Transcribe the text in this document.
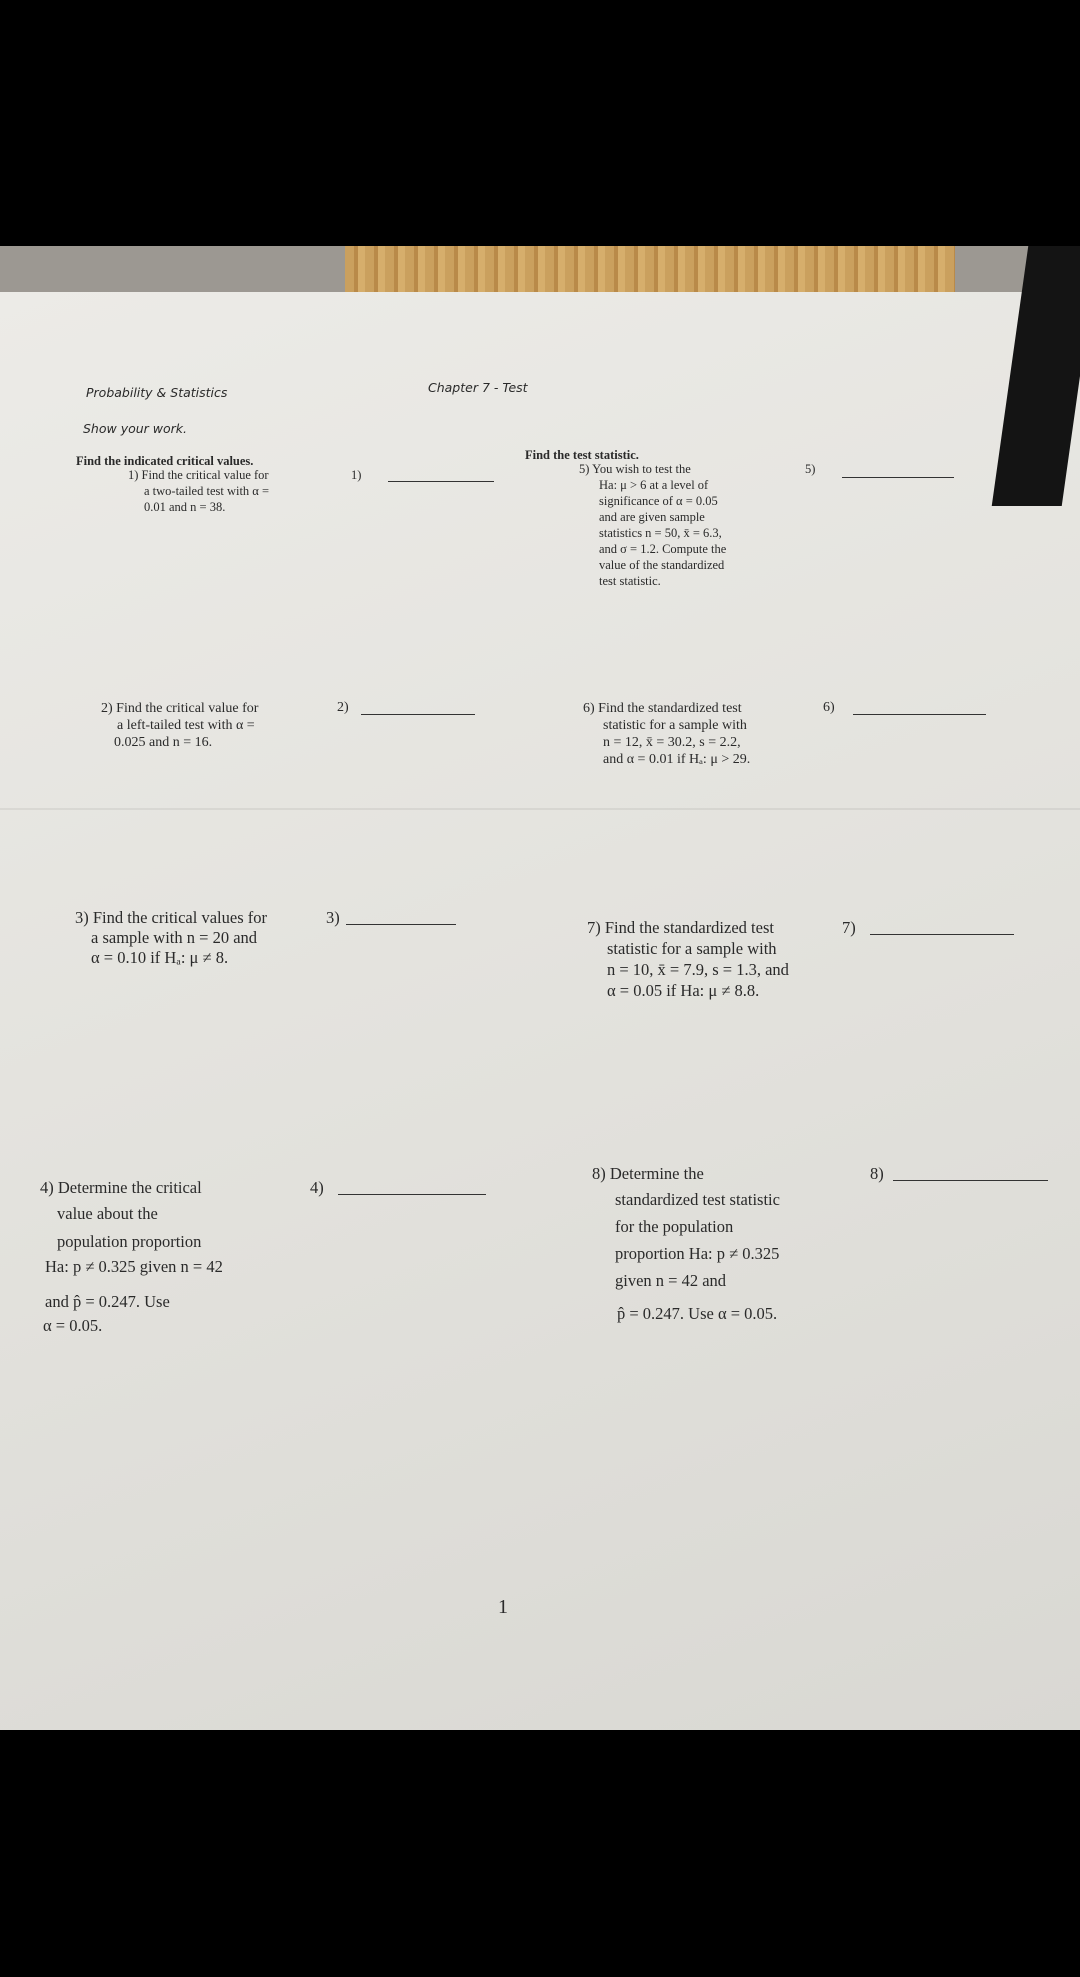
Probability & Statistics	Chapter 7 - Test
Show your work.
Find the indicated critical values.	Find the test statistic.
1) Find the critical value for
a two-tailed test with α =
0.01 and n = 38.
1)	5) You wish to test the
Ha: μ > 6 at a level of
significance of α = 0.05
and are given sample
statistics n = 50, x̄ = 6.3,
and σ = 1.2. Compute the
value of the standardized
test statistic.
5)
2) Find the critical value for
a left-tailed test with α =
0.025 and n = 16.
2)	6) Find the standardized test
statistic for a sample with
n = 12, x̄ = 30.2, s = 2.2,
and α = 0.01 if Hₐ: μ > 29.
6)
3) Find the critical values for
a sample with n = 20 and
α = 0.10 if Hₐ: μ ≠ 8.
3)
7) Find the standardized test
statistic for a sample with
n = 10, x̄ = 7.9, s = 1.3, and
α = 0.05 if Ha: μ ≠ 8.8.
7)
4) Determine the critical
value about the
population proportion
Ha: p ≠ 0.325 given n = 42
and p̂ = 0.247. Use
α = 0.05.
4)
8) Determine the
standardized test statistic
for the population
proportion Ha: p ≠ 0.325
given n = 42 and
p̂ = 0.247. Use α = 0.05.
8)
1
